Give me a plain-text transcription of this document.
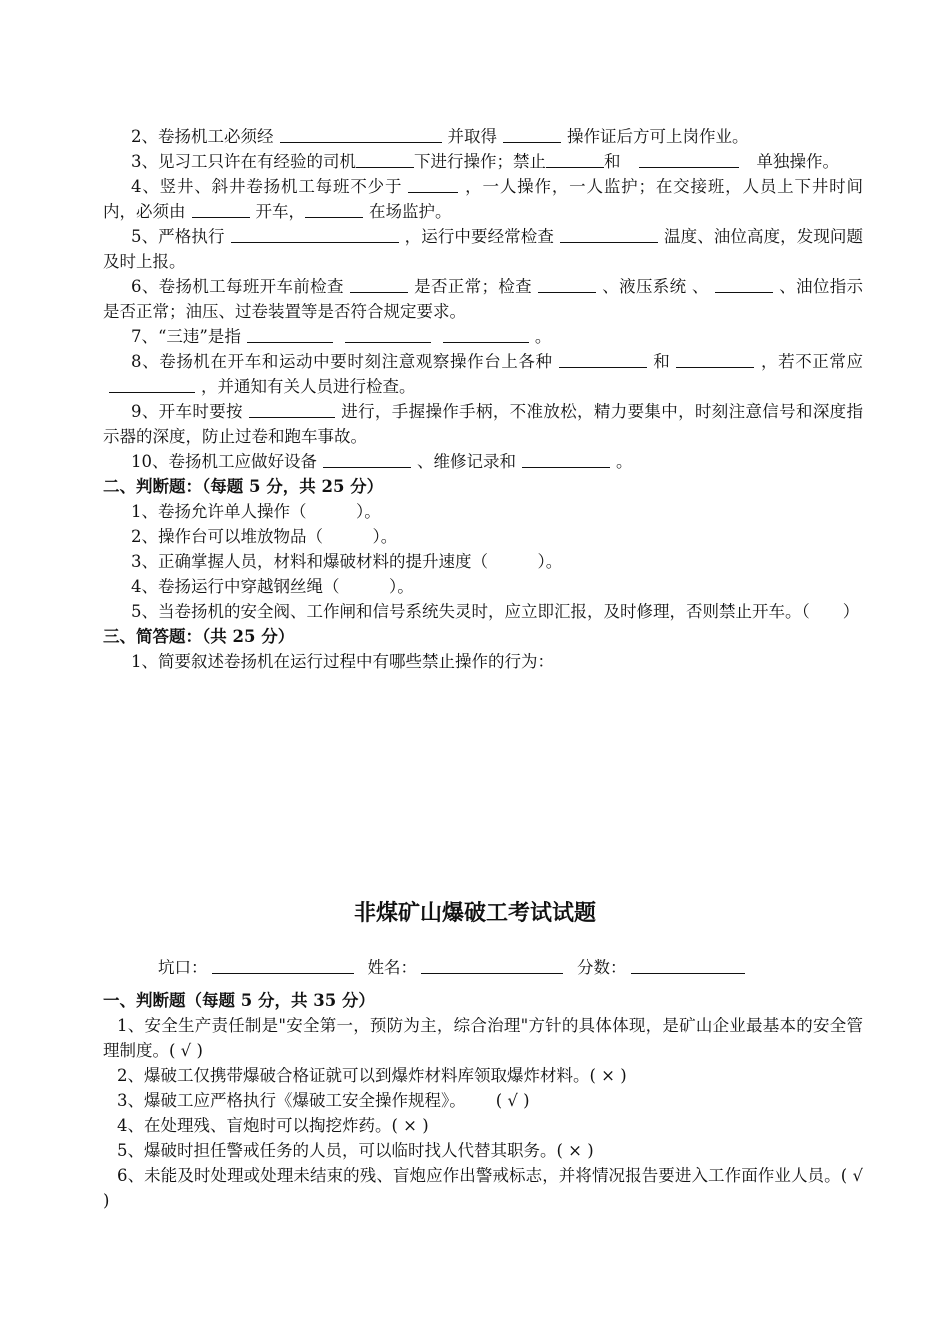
2、卷扬机工必须经	并取得	操作证后方可上岗作业。

3、见习工只许在有经验的司机	下进行操作；禁止	和	单独操作。

4、竖井、斜井卷扬机工每班不少于	，一人操作，一人监护；在交接班，人员上下井时间内，必须由	开车，	在场监护。

5、严格执行	，运行中要经常检查	温度、油位高度，发现问题及时上报。

6、卷扬机工每班开车前检查	是否正常；检查	、液压系统 、	、油位指示是否正常；油压、过卷装置等是否符合规定要求。

7、“三违”是指	。

8、卷扬机在开车和运动中要时刻注意观察操作台上各种	和	，若不正常应，并通知有关人员进行检查。

9、开车时要按	进行，手握操作手柄，不准放松，精力要集中，时刻注意信号和深度指示器的深度，防止过卷和跑车事故。

10、卷扬机工应做好设备	、维修记录和	。

二、判断题：（每题 5 分，共 25 分）

1、卷扬允许单人操作（　　　）。

2、操作台可以堆放物品（　　　）。

3、正确掌握人员，材料和爆破材料的提升速度（　　　）。

4、卷扬运行中穿越钢丝绳（　　　）。

5、当卷扬机的安全阀、工作闸和信号系统失灵时，应立即汇报，及时修理，否则禁止开车。（　　）

三、简答题：（共 25 分）

1、简要叙述卷扬机在运行过程中有哪些禁止操作的行为：

非煤矿山爆破工考试试题
坑口：	姓名：	分数：

一、判断题（每题 5 分，共 35 分）

1、安全生产责任制是"安全第一，预防为主，综合治理"方针的具体体现，是矿山企业最基本的安全管理制度。( √ )

2、爆破工仅携带爆破合格证就可以到爆炸材料库领取爆炸材料。( × )

3、爆破工应严格执行《爆破工安全操作规程》。　　 ( √ )

4、在处理残、盲炮时可以掏挖炸药。( × )

5、爆破时担任警戒任务的人员，可以临时找人代替其职务。( × )

6、未能及时处理或处理未结束的残、盲炮应作出警戒标志，并将情况报告要进入工作面作业人员。( √ )
